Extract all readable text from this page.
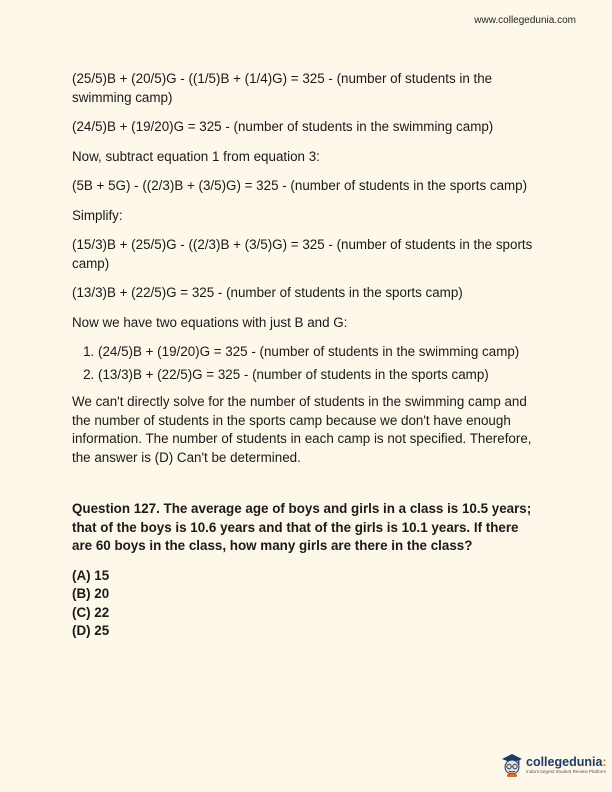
www.collegedunia.com

(25/5)B + (20/5)G - ((1/5)B + (1/4)G) = 325 - (number of students in the swimming camp)

(24/5)B + (19/20)G = 325 - (number of students in the swimming camp)

Now, subtract equation 1 from equation 3:

(5B + 5G) - ((2/3)B + (3/5)G) = 325 - (number of students in the sports camp)

Simplify:

(15/3)B + (25/5)G - ((2/3)B + (3/5)G) = 325 - (number of students in the sports camp)

(13/3)B + (22/5)G = 325 - (number of students in the sports camp)

Now we have two equations with just B and G:

1. (24/5)B + (19/20)G = 325 - (number of students in the swimming camp)
2. (13/3)B + (22/5)G = 325 - (number of students in the sports camp)

We can't directly solve for the number of students in the swimming camp and the number of students in the sports camp because we don't have enough information. The number of students in each camp is not specified. Therefore, the answer is (D) Can't be determined.

Question 127. The average age of boys and girls in a class is 10.5 years; that of the boys is 10.6 years and that of the girls is 10.1 years. If there are 60 boys in the class, how many girls are there in the class?

(A) 15
(B) 20
(C) 22
(D) 25
collegedunia:
India's largest Student Review Platform
